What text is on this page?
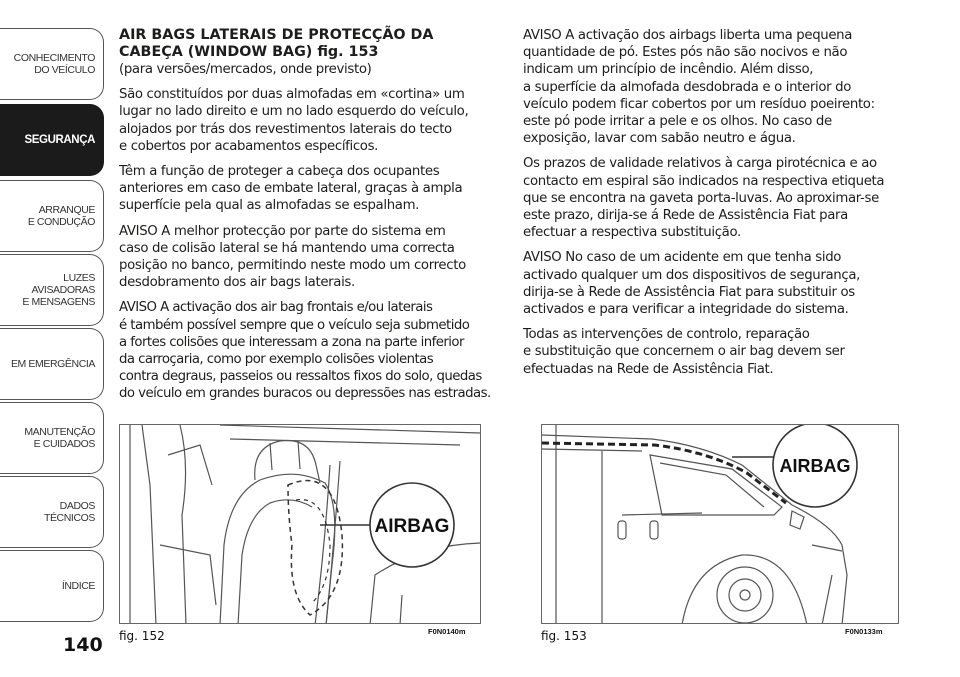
CONHECIMENTO
DO VEÍCULO
SEGURANÇA
ARRANQUE
E CONDUÇÃO
LUZES
AVISADORAS
E MENSAGENS
EM EMERGÊNCIA
MANUTENÇÃO
E CUIDADOS
DADOS
TÉCNICOS
ÍNDICE
140
AIR BAGS LATERAIS DE PROTECÇÃO DA
CABEÇA (WINDOW BAG) fig. 153

(para versões/mercados, onde previsto)

São constituídos por duas almofadas em «cortina» um
lugar no lado direito e um no lado esquerdo do veículo,
alojados por trás dos revestimentos laterais do tecto
e cobertos por acabamentos específicos.

Têm a função de proteger a cabeça dos ocupantes
anteriores em caso de embate lateral, graças à ampla
superfície pela qual as almofadas se espalham.

AVISO A melhor protecção por parte do sistema em
caso de colisão lateral se há mantendo uma correcta
posição no banco, permitindo neste modo um correcto
desdobramento dos air bags laterais.

AVISO A activação dos air bag frontais e/ou laterais
é também possível sempre que o veículo seja submetido
a fortes colisões que interessam a zona na parte inferior
da carroçaria, como por exemplo colisões violentas
contra degraus, passeios ou ressaltos fixos do solo, quedas
do veículo em grandes buracos ou depressões nas estradas.

AVISO A activação dos airbags liberta uma pequena
quantidade de pó. Estes pós não são nocivos e não
indicam um princípio de incêndio. Além disso,
a superfície da almofada desdobrada e o interior do
veículo podem ficar cobertos por um resíduo poeirento:
este pó pode irritar a pele e os olhos. No caso de
exposição, lavar com sabão neutro e água.

Os prazos de validade relativos à carga pirotécnica e ao
contacto em espiral são indicados na respectiva etiqueta
que se encontra na gaveta porta-luvas. Ao aproximar-se
este prazo, dirija-se á Rede de Assistência Fiat para
efectuar a respectiva substituição.

AVISO No caso de um acidente em que tenha sido
activado qualquer um dos dispositivos de segurança,
dirija-se à Rede de Assistência Fiat para substituir os
activados e para verificar a integridade do sistema.

Todas as intervenções de controlo, reparação
e substituição que concernem o air bag devem ser
efectuadas na Rede de Assistência Fiat.

AIRBAG
fig. 152	F0N0140m
AIRBAG
fig. 153	F0N0133m
